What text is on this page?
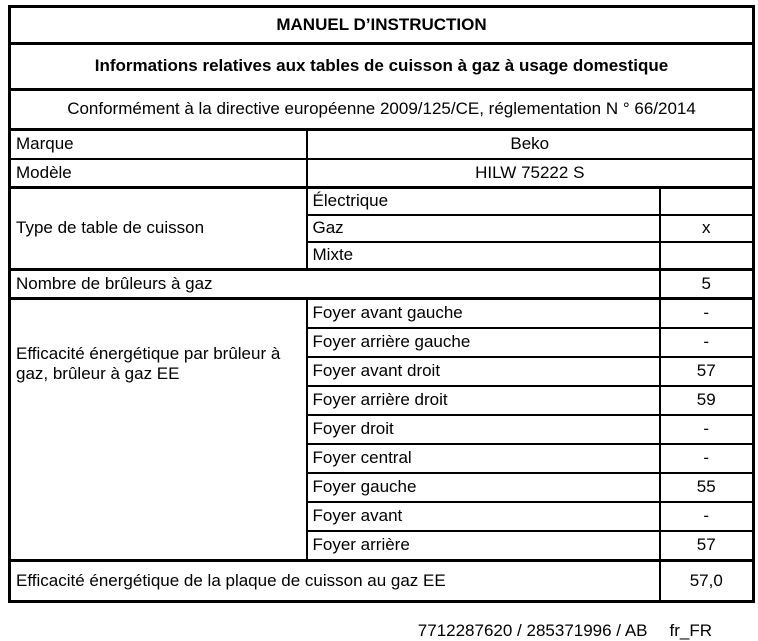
MANUEL D’INSTRUCTION		
Informations relatives aux tables de cuisson à gaz à usage domestique		
Conformément à la directive européenne 2009/125/CE, réglementation N ° 66/2014		
Marque	Beko	
Modèle	HILW 75222 S	
Type de table de cuisson	Électrique	
	Gaz	x
	Mixte	
Nombre de brûleurs à gaz		5
Efficacité énergétique par brûleur à gaz, brûleur à gaz EE	Foyer avant gauche	-
	Foyer arrière gauche	-
	Foyer avant droit	57
	Foyer arrière droit	59
	Foyer droit	-
	Foyer central	-
	Foyer gauche	55
	Foyer avant	-
	Foyer arrière	57
Efficacité énergétique de la plaque de cuisson au gaz EE		57,0
7712287620 / 285371996 / AB fr_FR
